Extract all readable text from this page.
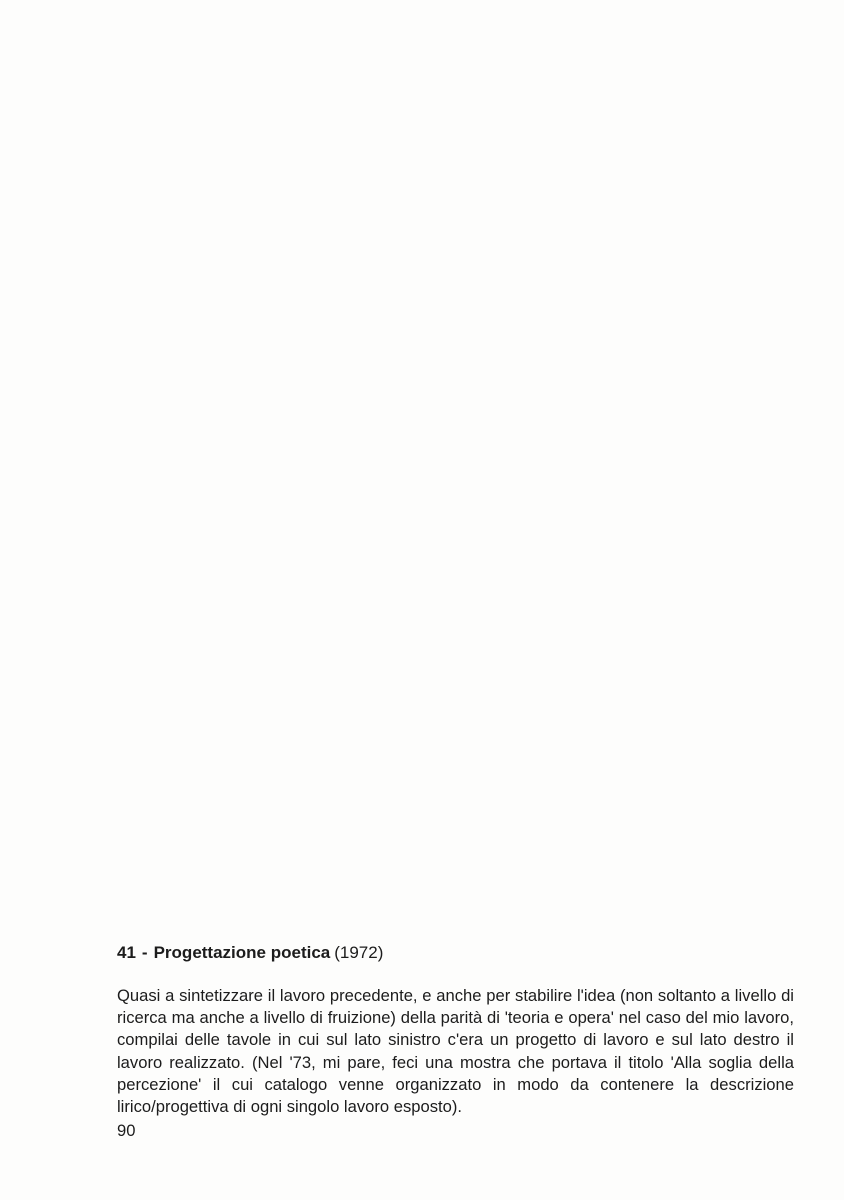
41 - Progettazione poetica (1972)

Quasi a sintetizzare il lavoro precedente, e anche per stabilire l'idea (non soltanto a livello di ricerca ma anche a livello di fruizione) della parità di 'teoria e opera' nel caso del mio lavoro, compilai delle tavole in cui sul lato sinistro c'era un progetto di lavoro e sul lato destro il lavoro realizzato. (Nel '73, mi pare, feci una mostra che portava il titolo 'Alla soglia della percezione' il cui catalogo venne organizzato in modo da contenere la descrizione lirico/progettiva di ogni singolo lavoro esposto).

90
